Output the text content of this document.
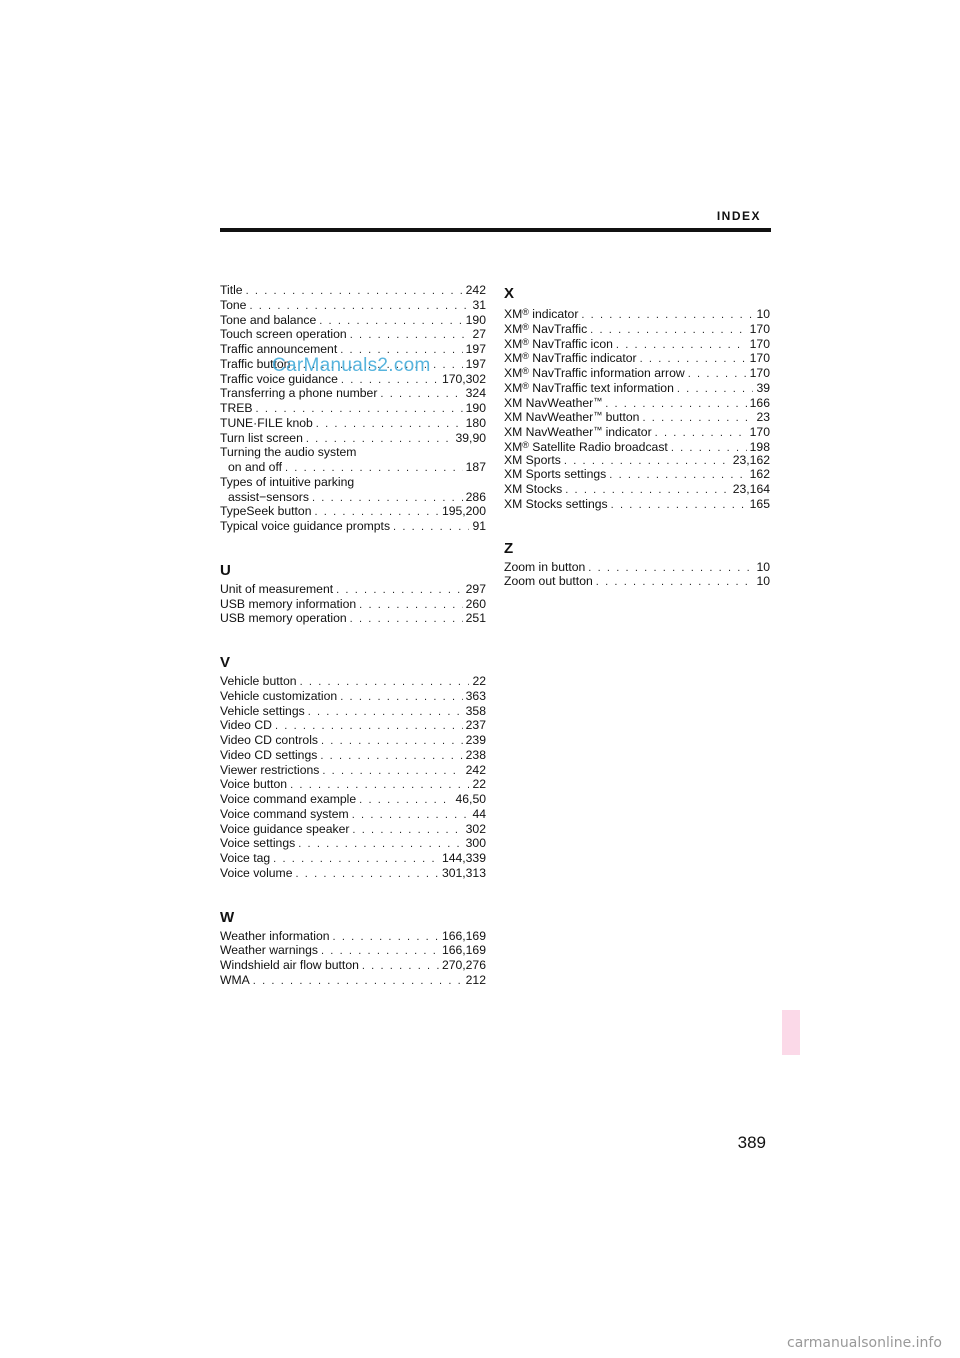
INDEX
Title . . .	242
Tone . . .	31
Tone and balance . . .	190
Touch screen operation . . .	27
Traffic announcement . . .	197
Traffic button . . .	197
Traffic voice guidance . . .	170,302
Transferring a phone number . . .	324
TREB . . .	190
TUNE·FILE knob . . .	180
Turn list screen . . .	39,90
Turning the audio system
on and off . . .	187
Types of intuitive parking
assist−sensors . . .	286
TypeSeek button . . .	195,200
Typical voice guidance prompts . . .	91
U
Unit of measurement . . .	297
USB memory information . . .	260
USB memory operation . . .	251
V
Vehicle button . . .	22
Vehicle customization . . .	363
Vehicle settings . . .	358
Video CD . . .	237
Video CD controls . . .	239
Video CD settings . . .	238
Viewer restrictions . . .	242
Voice button . . .	22
Voice command example . . .	46,50
Voice command system . . .	44
Voice guidance speaker . . .	302
Voice settings . . .	300
Voice tag . . .	144,339
Voice volume . . .	301,313
W
Weather information . . .	166,169
Weather warnings . . .	166,169
Windshield air flow button . . .	270,276
WMA . . .	212
X
XM® indicator . . .	10
XM® NavTraffic . . .	170
XM® NavTraffic icon . . .	170
XM® NavTraffic indicator . . .	170
XM® NavTraffic information arrow . . .	170
XM® NavTraffic text information . . .	39
XM NavWeather™ . . .	166
XM NavWeather™ button . . .	23
XM NavWeather™ indicator . . .	170
XM® Satellite Radio broadcast . . .	198
XM Sports . . .	23,162
XM Sports settings . . .	162
XM Stocks . . .	23,164
XM Stocks settings . . .	165
Z
Zoom in button . . .	10
Zoom out button . . .	10
CarManuals2.com
389
carmanualsonline.info
